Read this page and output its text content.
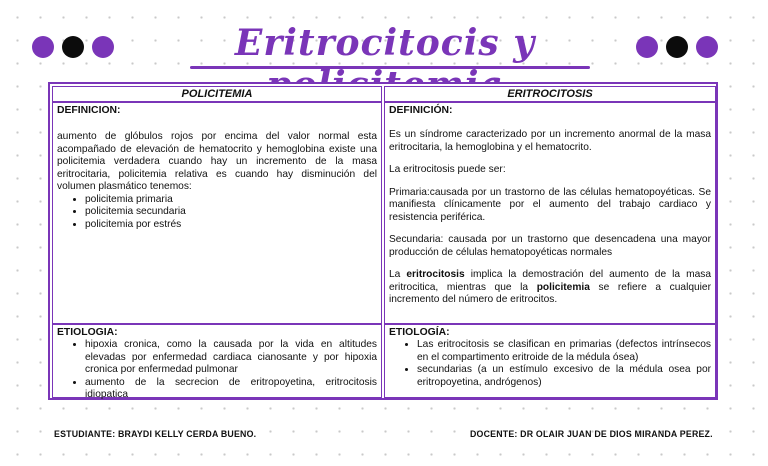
Eritrocitocis y
POLICITEMIA	ERITROCITOSIS

DEFINICION:

aumento de glóbulos rojos por encima del valor normal esta acompañado de elevación de hematocrito y hemoglobina existe una policitemia verdadera cuando hay un incremento de la masa eritrocitaria, policitemia relativa es cuando hay disminución del volumen plasmático tenemos:

• policitemia primaria
• policitemia secundaria
• policitemia por estrés

DEFINICIÓN:

Es un síndrome caracterizado por un incremento anormal de la masa eritrocitaria, la hemoglobina y el hematocrito.

La eritrocitosis puede ser:

Primaria:causada por un trastorno de las células hematopoyéticas. Se manifiesta clínicamente por el aumento del trabajo cardiaco y resistencia periférica.

Secundaria: causada por un trastorno que desencadena una mayor producción de células hematopoyéticas normales

La eritrocitosis implica la demostración del aumento de la masa eritrocitica, mientras que la policitemia se refiere a cualquier incremento del número de eritrocitos.

ETIOLOGIA:

• hipoxia cronica, como la causada por la vida en altitudes elevadas por enfermedad cardiaca cianosante y por hipoxia cronica por enfermedad pulmonar
• aumento de la secrecion de eritropoyetina, eritrocitosis idiopatica

ETIOLOGÍA:

• Las eritrocitosis se clasifican en primarias (defectos intrínsecos en el compartimento eritroide de la médula ósea)
• secundarias (a un estímulo excesivo de la médula osea por eritropoyetina, andrógenos)
ESTUDIANTE: BRAYDI KELLY CERDA BUENO.	DOCENTE: DR OLAIR JUAN DE DIOS MIRANDA PEREZ.
